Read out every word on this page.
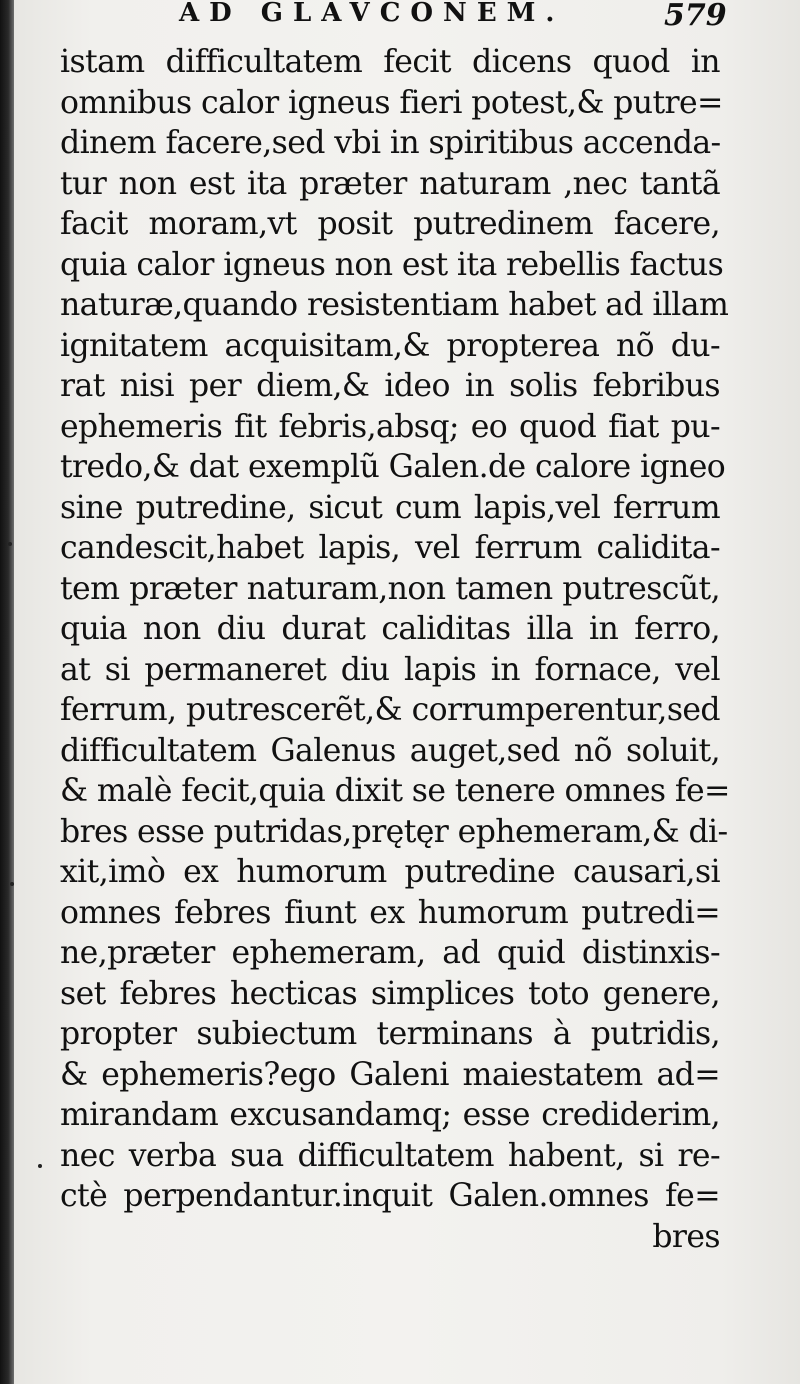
AD GLAVCONEM.	579
istam difficultatem fecit dicens quod in
omnibus calor igneus fieri potest,& putre=
dinem facere,sed vbi in spiritibus accenda-
tur non est ita præter naturam ,nec tantã
facit moram,vt posit putredinem facere,
quia calor igneus non est ita rebellis factus
naturæ,quando resistentiam habet ad illam
ignitatem acquisitam,& propterea nõ du-
rat nisi per diem,& ideo in solis febribus
ephemeris fit febris,absq; eo quod fiat pu-
tredo,& dat exemplũ Galen.de calore igneo
sine putredine, sicut cum lapis,vel ferrum
candescit,habet lapis, vel ferrum calidita-
tem præter naturam,non tamen putrescũt,
quia non diu durat caliditas illa in ferro,
at si permaneret diu lapis in fornace, vel
ferrum, putrescerẽt,& corrumperentur,sed
difficultatem Galenus auget,sed nõ soluit,
& malè fecit,quia dixit se tenere omnes fe=
bres esse putridas,prętęr ephemeram,& di-
xit,imò ex humorum putredine causari,si
omnes febres fiunt ex humorum putredi=
ne,præter ephemeram, ad quid distinxis-
set febres hecticas simplices toto genere,
propter subiectum terminans à putridis,
& ephemeris?ego Galeni maiestatem ad=
mirandam excusandamq; esse crediderim,
nec verba sua difficultatem habent, si re-
ctè perpendantur.inquit Galen.omnes fe=
bres
